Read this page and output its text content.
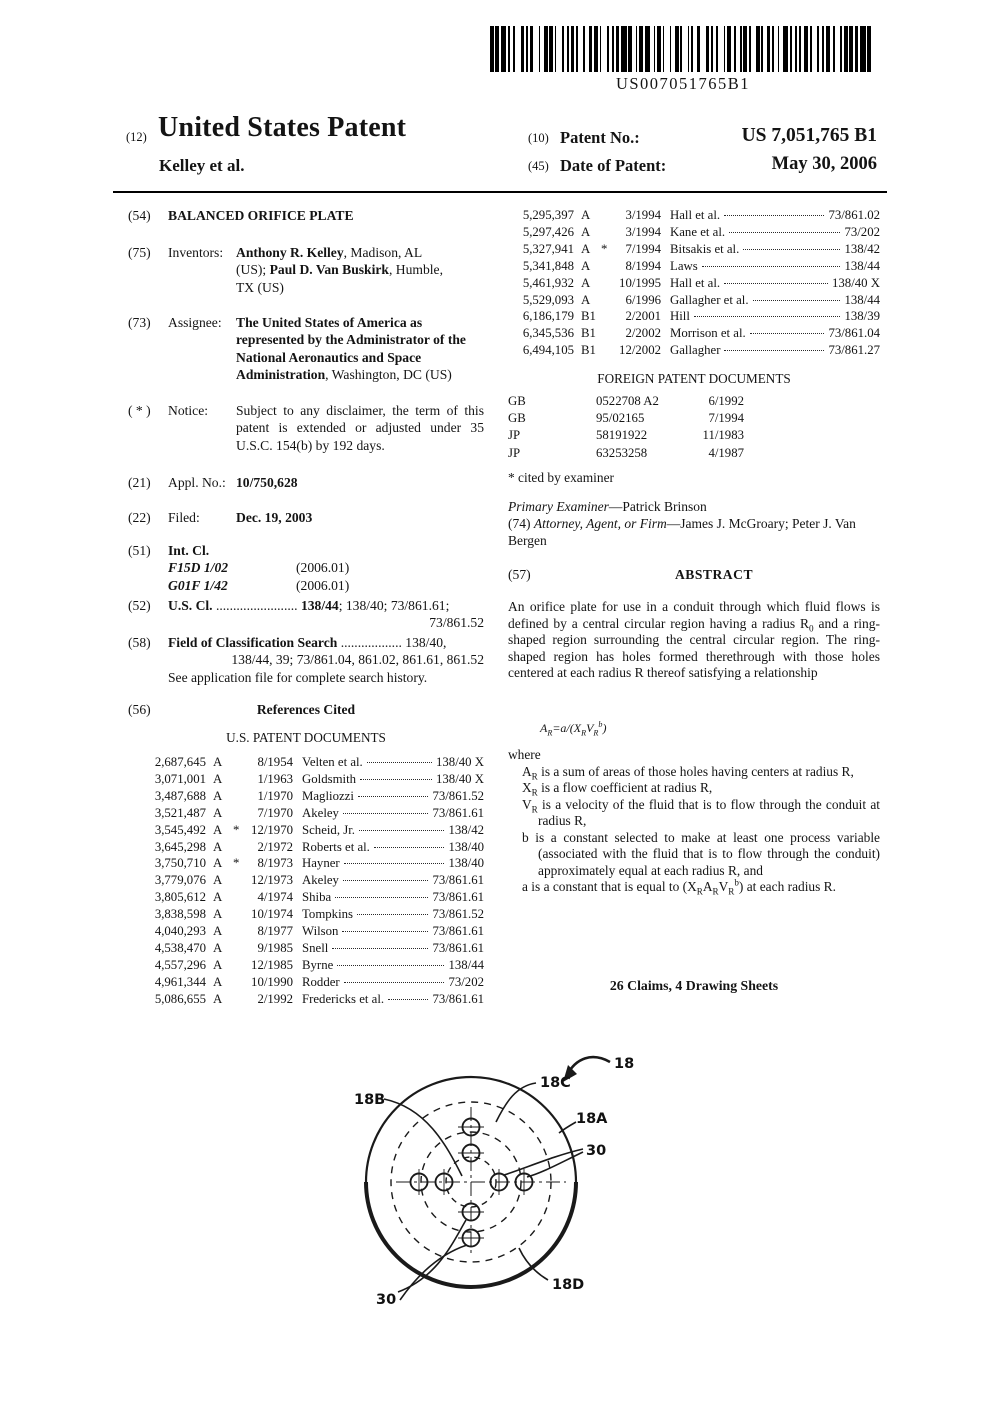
US007051765B1
(12) United States Patent
Kelley et al.
(10) Patent No.:	US 7,051,765 B1
(45) Date of Patent:	May 30, 2006
(54)	BALANCED ORIFICE PLATE
(75)	Inventors: Anthony R. Kelley, Madison, AL (US); Paul D. Van Buskirk, Humble, TX (US)
(73)	Assignee:	The United States of America as represented by the Administrator of the National Aeronautics and Space Administration, Washington, DC (US)
( * )	Notice:	Subject to any disclaimer, the term of this patent is extended or adjusted under 35 U.S.C. 154(b) by 192 days.
(21)	Appl. No.: 10/750,628
(22)	Filed:	Dec. 19, 2003
(51)	Int. Cl.
F15D 1/02	(2006.01)
G01F 1/42	(2006.01)
(52)	U.S. Cl. ........................ 138/44; 138/40; 73/861.61;
73/861.52
(58)	Field of Classification Search .................. 138/40,
138/44, 39; 73/861.04, 861.02, 861.61, 861.52
See application file for complete search history.
(56)	References Cited
U.S. PATENT DOCUMENTS
2,687,645 A	8/1954 Velten et al.	138/40 X
3,071,001 A	1/1963 Goldsmith	138/40 X
3,487,688 A	1/1970 Magliozzi	73/861.52
3,521,487 A	7/1970 Akeley	73/861.61
3,545,492 A * 12/1970 Scheid, Jr.	138/42
3,645,298 A	2/1972 Roberts et al.	138/40
3,750,710 A *	8/1973 Hayner	138/40
3,779,076 A	12/1973 Akeley	73/861.61
3,805,612 A	4/1974 Shiba	73/861.61
3,838,598 A	10/1974 Tompkins	73/861.52
4,040,293 A	8/1977 Wilson	73/861.61
4,538,470 A	9/1985 Snell	73/861.61
4,557,296 A	12/1985 Byrne	138/44
4,961,344 A	10/1990 Rodder	73/202
5,086,655 A	2/1992 Fredericks et al.	73/861.61
5,295,397 A	3/1994 Hall et al.	73/861.02
5,297,426 A	3/1994 Kane et al.	73/202
5,327,941 A *	7/1994 Bitsakis et al.	138/42
5,341,848 A	8/1994 Laws	138/44
5,461,932 A	10/1995 Hall et al.	138/40 X
5,529,093 A	6/1996 Gallagher et al.	138/44
6,186,179 B1	2/2001 Hill	138/39
6,345,536 B1	2/2002 Morrison et al.	73/861.04
6,494,105 B1	12/2002 Gallagher	73/861.27
FOREIGN PATENT DOCUMENTS
GB	0522708 A2	6/1992
GB	95/02165	7/1994
JP	58191922	11/1983
JP	63253258	4/1987
* cited by examiner
Primary Examiner—Patrick Brinson
(74) Attorney, Agent, or Firm—James J. McGroary; Peter J. Van Bergen
(57)	ABSTRACT
An orifice plate for use in a conduit through which fluid flows is defined by a central circular region having a radius $R_0$ and a ring-shaped region surrounding the central circular region. The ring-shaped region has holes formed therethrough with those holes centered at each radius R thereof satisfying a relationship
$A_R=a/(X_RV_R^b)$
where
$A_R$ is a sum of areas of those holes having centers at radius R,
$X_R$ is a flow coefficient at radius R,
$V_R$ is a velocity of the fluid that is to flow through the conduit at radius R,
b is a constant selected to make at least one process variable (associated with the fluid that is to flow through the conduit) approximately equal at each radius R, and
a is a constant that is equal to $(X_RA_RV_R^b)$ at each radius R.
26 Claims, 4 Drawing Sheets
18
18C
18B
18A
30
18D
30
